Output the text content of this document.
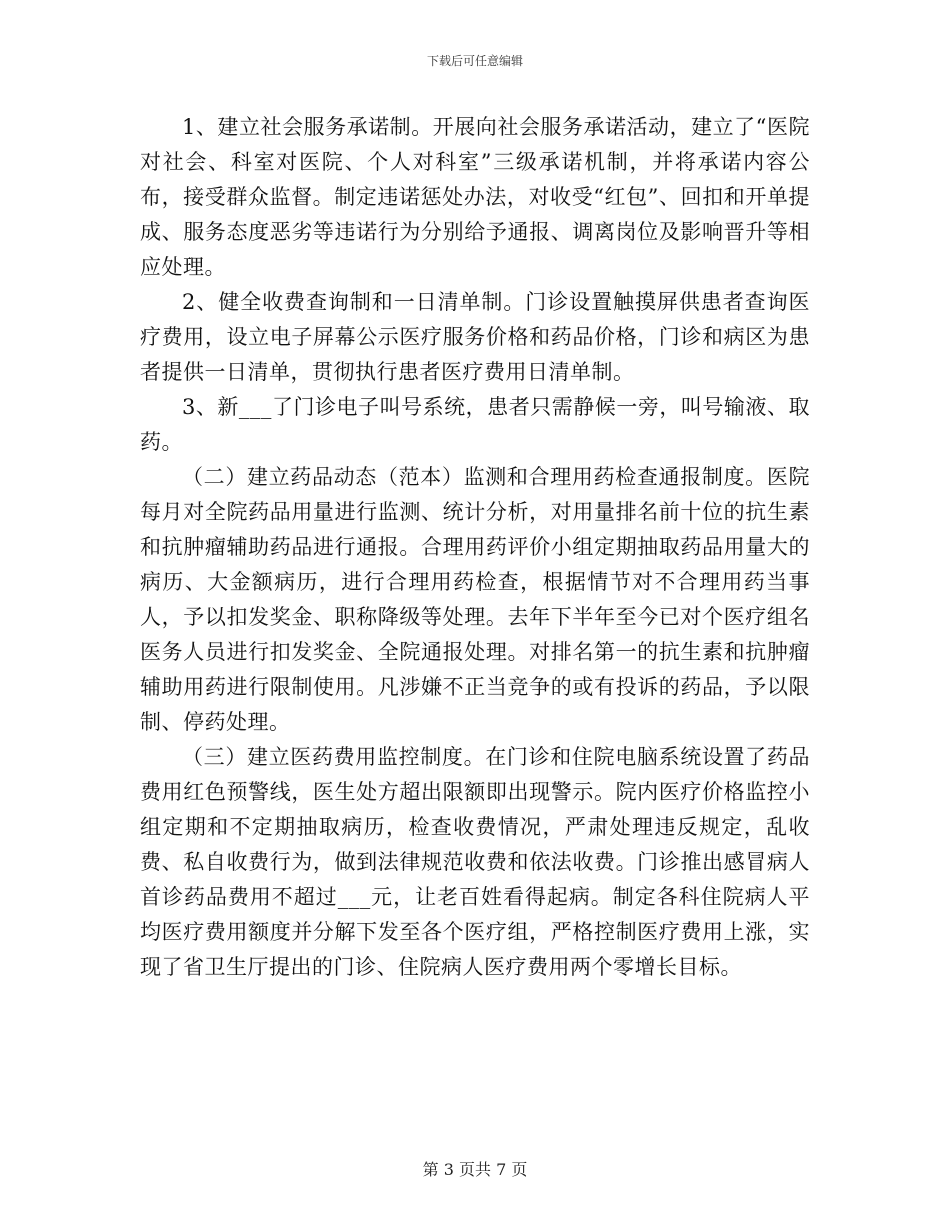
下载后可任意编辑

1、建立社会服务承诺制。开展向社会服务承诺活动，建立了“医院对社会、科室对医院、个人对科室”三级承诺机制，并将承诺内容公布，接受群众监督。制定违诺惩处办法，对收受“红包”、回扣和开单提成、服务态度恶劣等违诺行为分别给予通报、调离岗位及影响晋升等相应处理。

2、健全收费查询制和一日清单制。门诊设置触摸屏供患者查询医疗费用，设立电子屏幕公示医疗服务价格和药品价格，门诊和病区为患者提供一日清单，贯彻执行患者医疗费用日清单制。

3、新___了门诊电子叫号系统，患者只需静候一旁，叫号输液、取药。

（二）建立药品动态（范本）监测和合理用药检查通报制度。医院每月对全院药品用量进行监测、统计分析，对用量排名前十位的抗生素和抗肿瘤辅助药品进行通报。合理用药评价小组定期抽取药品用量大的病历、大金额病历，进行合理用药检查，根据情节对不合理用药当事人，予以扣发奖金、职称降级等处理。去年下半年至今已对个医疗组名医务人员进行扣发奖金、全院通报处理。对排名第一的抗生素和抗肿瘤辅助用药进行限制使用。凡涉嫌不正当竞争的或有投诉的药品，予以限制、停药处理。

（三）建立医药费用监控制度。在门诊和住院电脑系统设置了药品费用红色预警线，医生处方超出限额即出现警示。院内医疗价格监控小组定期和不定期抽取病历，检查收费情况，严肃处理违反规定，乱收费、私自收费行为，做到法律规范收费和依法收费。门诊推出感冒病人首诊药品费用不超过___元，让老百姓看得起病。制定各科住院病人平均医疗费用额度并分解下发至各个医疗组，严格控制医疗费用上涨，实现了省卫生厅提出的门诊、住院病人医疗费用两个零增长目标。

第 3 页共 7 页
